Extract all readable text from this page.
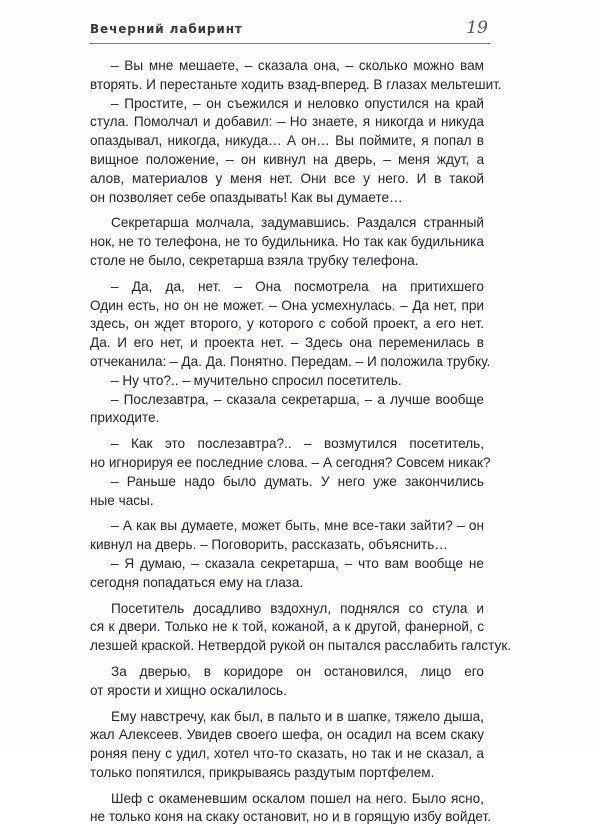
Вечерний лабиринт	19
– Вы мне мешаете, – сказала она, – сколько можно вам
вторять. И перестаньте ходить взад-вперед. В глазах мельтешит.
– Простите, – он съежился и неловко опустился на край
стула. Помолчал и добавил: – Но знаете, я никогда и никуда
опаздывал, никогда, никуда… А он… Вы поймите, я попал в
вищное положение, – он кивнул на дверь, – меня ждут, а
алов, материалов у меня нет. Они все у него. И в такой
он позволяет себе опаздывать! Как вы думаете…
Секретарша молчала, задумавшись. Раздался странный
нок, не то телефона, не то будильника. Но так как будильника
столе не было, секретарша взяла трубку телефона.
– Да, да, нет. – Она посмотрела на притихшего
Один есть, но он не может. – Она усмехнулась. – Да нет, при
здесь, он ждет второго, у которого с собой проект, а его нет.
Да. И его нет, и проекта нет. – Здесь она переменилась в
отчеканила: – Да. Да. Понятно. Передам. – И положила трубку.
– Ну что?.. – мучительно спросил посетитель.
– Послезавтра, – сказала секретарша, – а лучше вообще
приходите.
– Как это послезавтра?.. – возмутился посетитель,
но игнорируя ее последние слова. – А сегодня? Совсем никак?
– Раньше надо было думать. У него уже закончились
ные часы.
– А как вы думаете, может быть, мне все-таки зайти? – он
кивнул на дверь. – Поговорить, рассказать, объяснить…
– Я думаю, – сказала секретарша, – что вам вообще не
сегодня попадаться ему на глаза.
Посетитель досадливо вздохнул, поднялся со стула и
ся к двери. Только не к той, кожаной, а к другой, фанерной, с
лезшей краской. Нетвердой рукой он пытался расслабить галстук.
За дверью, в коридоре он остановился, лицо его
от ярости и хищно оскалилось.
Ему навстречу, как был, в пальто и в шапке, тяжело дыша,
жал Алексеев. Увидев своего шефа, он осадил на всем скаку
роняя пену с удил, хотел что-то сказать, но так и не сказал, а
только попятился, прикрываясь раздутым портфелем.
Шеф с окаменевшим оскалом пошел на него. Было ясно,
не только коня на скаку остановит, но и в горящую избу войдет.
